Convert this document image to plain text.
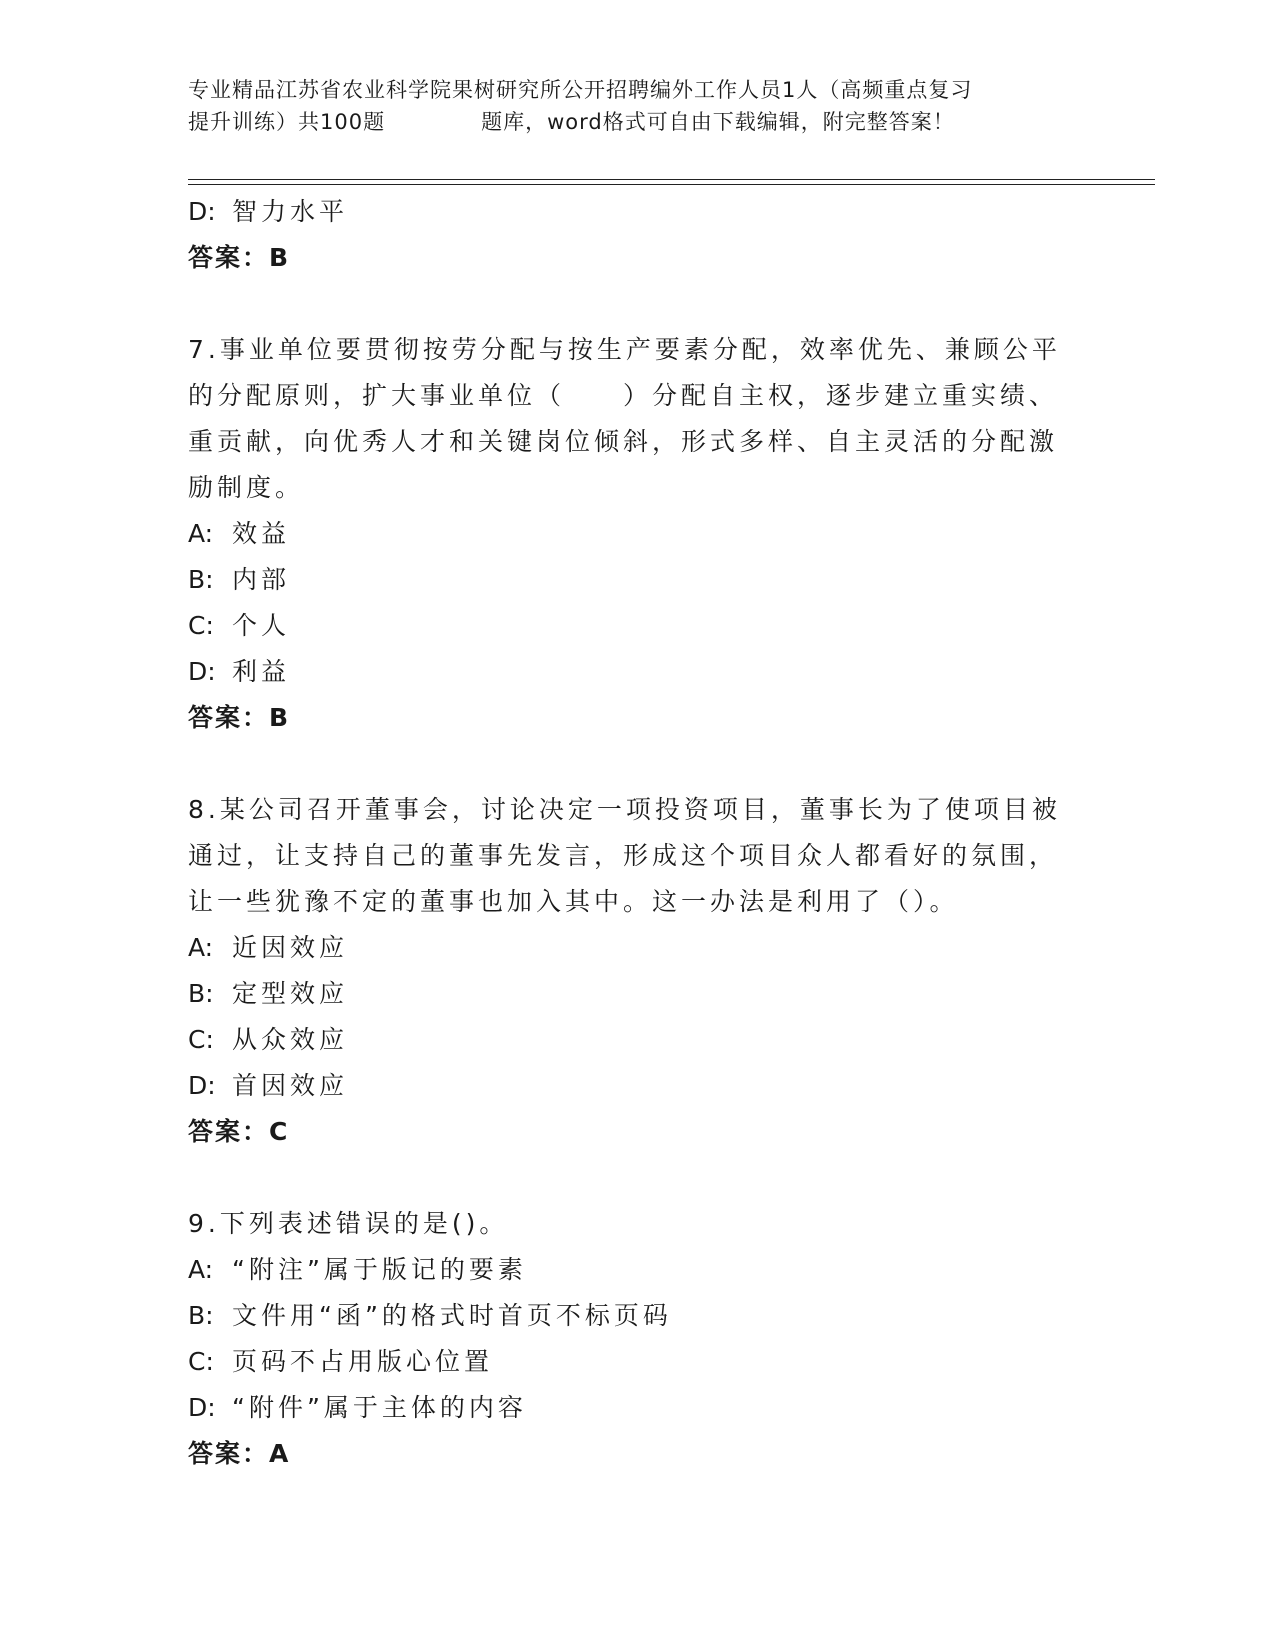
专业精品江苏省农业科学院果树研究所公开招聘编外工作人员1人（高频重点复习
提升训练）共100题	题库，word格式可自由下载编辑，附完整答案！
D: 智力水平
答案：B
7.事业单位要贯彻按劳分配与按生产要素分配，效率优先、兼顾公平
的分配原则，扩大事业单位（　　）分配自主权，逐步建立重实绩、
重贡献，向优秀人才和关键岗位倾斜，形式多样、自主灵活的分配激
励制度。
A: 效益
B: 内部
C: 个人
D: 利益
答案：B
8.某公司召开董事会，讨论决定一项投资项目，董事长为了使项目被
通过，让支持自己的董事先发言，形成这个项目众人都看好的氛围，
让一些犹豫不定的董事也加入其中。这一办法是利用了（）。
A: 近因效应
B: 定型效应
C: 从众效应
D: 首因效应
答案：C
9.下列表述错误的是()。
A: “附注”属于版记的要素
B: 文件用“函”的格式时首页不标页码
C: 页码不占用版心位置
D: “附件”属于主体的内容
答案：A
